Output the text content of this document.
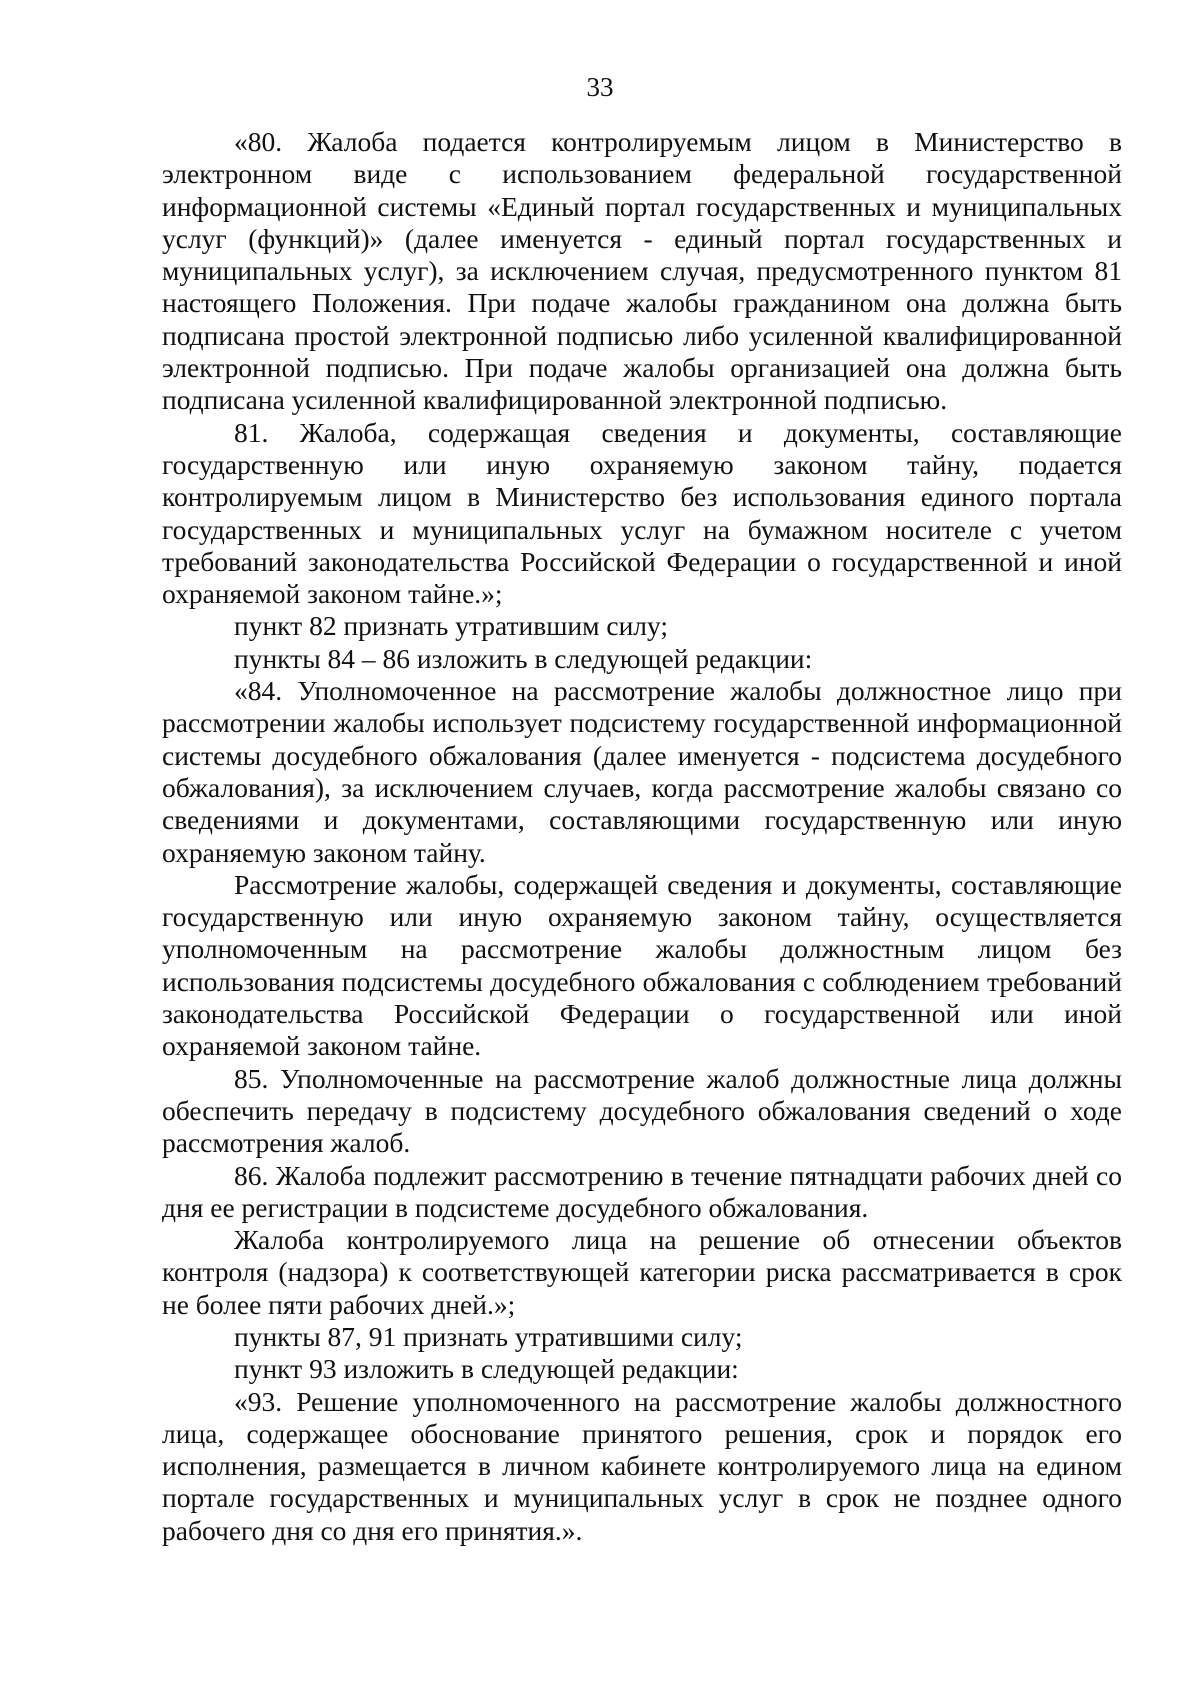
33

«80. Жалоба подается контролируемым лицом в Министерство в электронном виде с использованием федеральной государственной информационной системы «Единый портал государственных и муниципальных услуг (функций)» (далее именуется - единый портал государственных и муниципальных услуг), за исключением случая, предусмотренного пунктом 81 настоящего Положения. При подаче жалобы гражданином она должна быть подписана простой электронной подписью либо усиленной квалифицированной электронной подписью. При подаче жалобы организацией она должна быть подписана усиленной квалифицированной электронной подписью.

81. Жалоба, содержащая сведения и документы, составляющие государственную или иную охраняемую законом тайну, подается контролируемым лицом в Министерство без использования единого портала государственных и муниципальных услуг на бумажном носителе с учетом требований законодательства Российской Федерации о государственной и иной охраняемой законом тайне.»;

пункт 82 признать утратившим силу;

пункты 84 – 86 изложить в следующей редакции:

«84. Уполномоченное на рассмотрение жалобы должностное лицо при рассмотрении жалобы использует подсистему государственной информационной системы досудебного обжалования (далее именуется - подсистема досудебного обжалования), за исключением случаев, когда рассмотрение жалобы связано со сведениями и документами, составляющими государственную или иную охраняемую законом тайну.

Рассмотрение жалобы, содержащей сведения и документы, составляющие государственную или иную охраняемую законом тайну, осуществляется уполномоченным на рассмотрение жалобы должностным лицом без использования подсистемы досудебного обжалования с соблюдением требований законодательства Российской Федерации о государственной или иной охраняемой законом тайне.

85. Уполномоченные на рассмотрение жалоб должностные лица должны обеспечить передачу в подсистему досудебного обжалования сведений о ходе рассмотрения жалоб.

86. Жалоба подлежит рассмотрению в течение пятнадцати рабочих дней со дня ее регистрации в подсистеме досудебного обжалования.

Жалоба контролируемого лица на решение об отнесении объектов контроля (надзора) к соответствующей категории риска рассматривается в срок не более пяти рабочих дней.»;

пункты 87, 91 признать утратившими силу;

пункт 93 изложить в следующей редакции:

«93. Решение уполномоченного на рассмотрение жалобы должностного лица, содержащее обоснование принятого решения, срок и порядок его исполнения, размещается в личном кабинете контролируемого лица на едином портале государственных и муниципальных услуг в срок не позднее одного рабочего дня со дня его принятия.».
